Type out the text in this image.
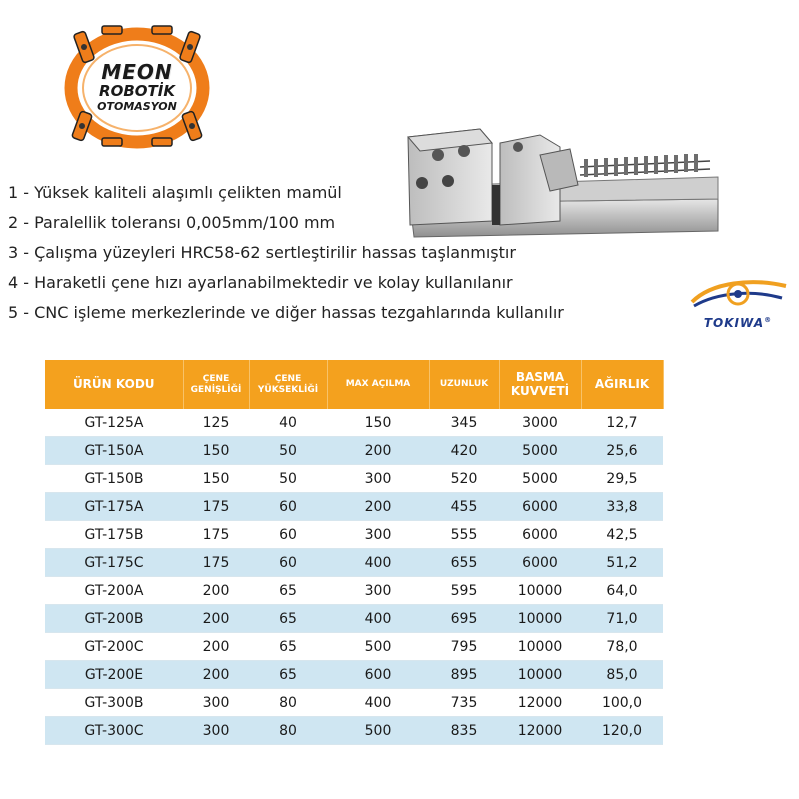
MEON
ROBOTİK
OTOMASYON
TOKIWA®
1 - Yüksek kaliteli alaşımlı çelikten mamül
2 - Paralellik toleransı 0,005mm/100 mm
3 - Çalışma yüzeyleri HRC58-62 sertleştirilir hassas taşlanmıştır
4 - Haraketli çene hızı ayarlanabilmektedir ve kolay kullanılanır
5 - CNC işleme merkezlerinde ve diğer hassas tezgahlarında kullanılır
ÜRÜN KODU	ÇENE GENİŞLİĞİ	ÇENE YÜKSEKLİĞİ	MAX AÇILMA	UZUNLUK	BASMA KUVVETİ	AĞIRLIK
GT-125A	125	40	150	345	3000	12,7
GT-150A	150	50	200	420	5000	25,6
GT-150B	150	50	300	520	5000	29,5
GT-175A	175	60	200	455	6000	33,8
GT-175B	175	60	300	555	6000	42,5
GT-175C	175	60	400	655	6000	51,2
GT-200A	200	65	300	595	10000	64,0
GT-200B	200	65	400	695	10000	71,0
GT-200C	200	65	500	795	10000	78,0
GT-200E	200	65	600	895	10000	85,0
GT-300B	300	80	400	735	12000	100,0
GT-300C	300	80	500	835	12000	120,0
